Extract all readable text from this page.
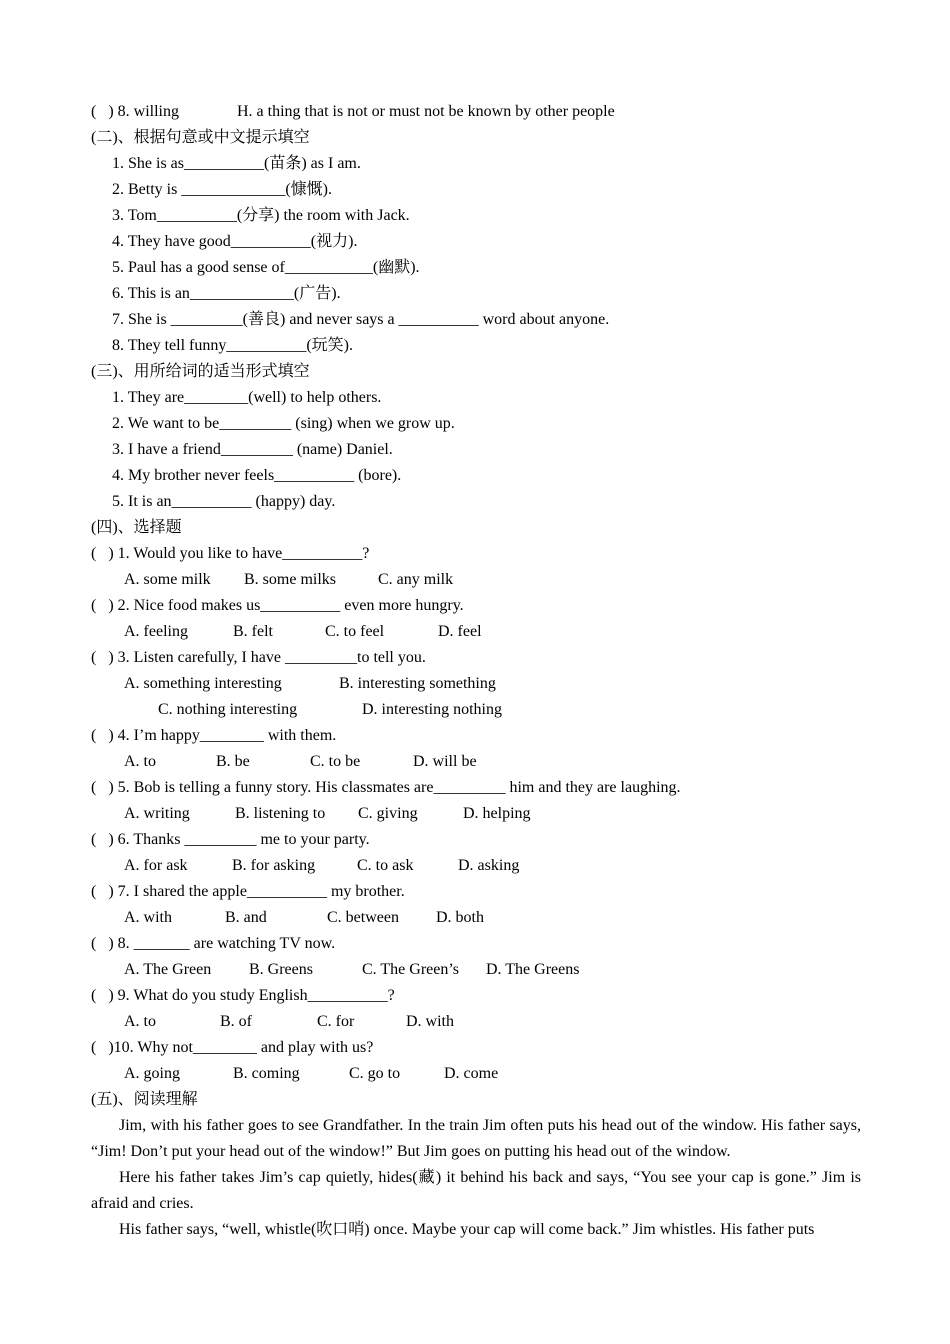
(   ) 8. willing	H. a thing that is not or must not be known by other people
(二)、根据句意或中文提示填空
1. She is as__________(苗条) as I am.
2. Betty is _____________(慷慨).
3. Tom__________(分享) the room with Jack.
4. They have good__________(视力).
5. Paul has a good sense of___________(幽默).
6. This is an_____________(广告).
7. She is _________(善良) and never says a __________ word about anyone.
8. They tell funny__________(玩笑).
(三)、用所给词的适当形式填空
1. They are________(well) to help others.
2. We want to be_________ (sing) when we grow up.
3. I have a friend_________ (name) Daniel.
4. My brother never feels__________ (bore).
5. It is an__________ (happy) day.
(四)、选择题
(   ) 1. Would you like to have__________?
A. some milk B. some milks	C. any milk
(   ) 2. Nice food makes us__________ even more hungry.
A. feeling	B. felt	C. to feel	D. feel
(   ) 3. Listen carefully, I have _________to tell you.
A. something interesting	B. interesting something
C. nothing interesting	D. interesting nothing
(   ) 4. I’m happy________ with them.
A. to	B. be	C. to be	D. will be
(   ) 5. Bob is telling a funny story. His classmates are_________ him and they are laughing.
A. writing	B. listening to C. giving	D. helping
(   ) 6. Thanks _________ me to your party.
A. for ask	B. for asking	C. to ask	D. asking
(   ) 7. I shared the apple__________ my brother.
A. with	B. and	C. between D. both
(   ) 8. _______ are watching TV now.
A. The Green B. Greens	C. The Green’s D. The Greens
(   ) 9. What do you study English__________?
A. to	B. of	C. for	D. with
(   )10. Why not________ and play with us?
A. going	B. coming	C. go to	D. come
(五)、阅读理解

Jim, with his father goes to see Grandfather. In the train Jim often puts his head out of the window. His father says, “Jim! Don’t put your head out of the window!” But Jim goes on putting his head out of the window.

Here his father takes Jim’s cap quietly, hides(藏) it behind his back and says, “You see your cap is gone.” Jim is afraid and cries.

His father says, “well, whistle(吹口哨) once. Maybe your cap will come back.” Jim whistles. His father puts
